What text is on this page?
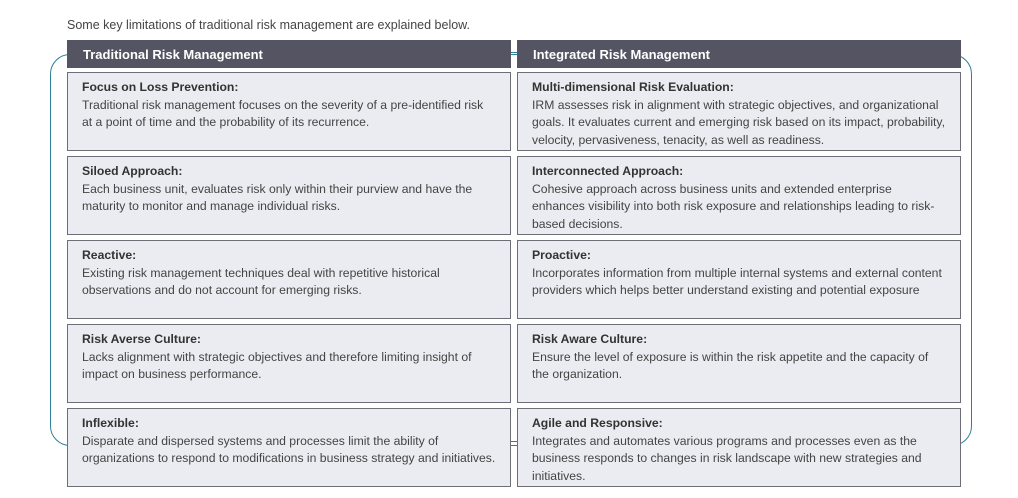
Some key limitations of traditional risk management are explained below.
Traditional Risk Management
Focus on Loss Prevention:
Traditional risk management focuses on the severity of a pre-identified risk at a point of time and the probability of its recurrence.
Siloed Approach:
Each business unit, evaluates risk only within their purview and have the maturity to monitor and manage individual risks.
Reactive:
Existing risk management techniques deal with repetitive historical observations and do not account for emerging risks.
Risk Averse Culture:
Lacks alignment with strategic objectives and therefore limiting insight of impact on business performance.
Inflexible:
Disparate and dispersed systems and processes limit the ability of organizations to respond to modifications in business strategy and initiatives.
Integrated Risk Management
Multi-dimensional Risk Evaluation:
IRM assesses risk in alignment with strategic objectives, and organizational goals. It evaluates current and emerging risk based on its impact, probability, velocity, pervasiveness, tenacity, as well as readiness.
Interconnected Approach:
Cohesive approach across business units and extended enterprise enhances visibility into both risk exposure and relationships leading to risk-based decisions.
Proactive:
Incorporates information from multiple internal systems and external content providers which helps better understand existing and potential exposure
Risk Aware Culture:
Ensure the level of exposure is within the risk appetite and the capacity of the organization.
Agile and Responsive:
Integrates and automates various programs and processes even as the business responds to changes in risk landscape with new strategies and initiatives.
